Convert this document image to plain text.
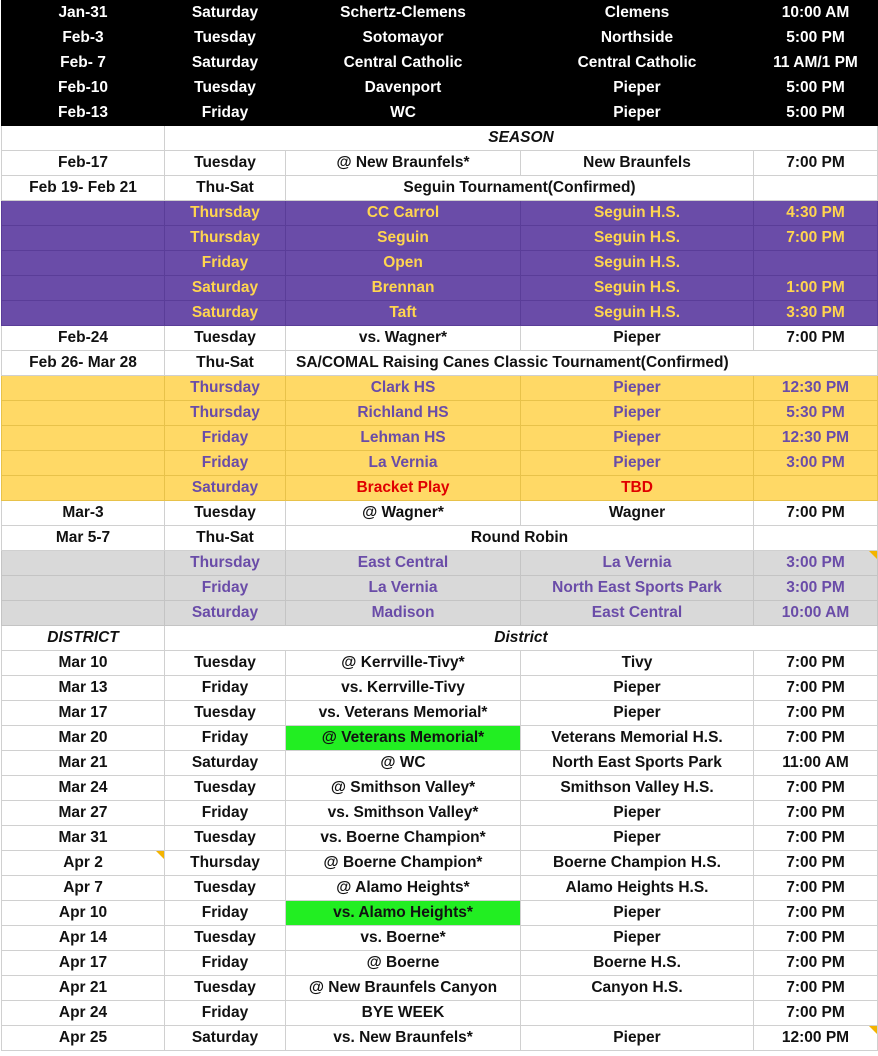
Jan-31	Saturday	Schertz-Clemens	Clemens	10:00 AM
Feb-3	Tuesday	Sotomayor	Northside	5:00 PM
Feb- 7	Saturday	Central Catholic	Central Catholic	11 AM/1 PM
Feb-10	Tuesday	Davenport	Pieper	5:00 PM
Feb-13	Friday	WC	Pieper	5:00 PM
	SEASON			
Feb-17	Tuesday	@ New Braunfels*	New Braunfels	7:00 PM
Feb 19- Feb 21	Thu-Sat	Seguin Tournament(Confirmed)		
	Thursday	CC Carrol	Seguin H.S.	4:30 PM
	Thursday	Seguin	Seguin H.S.	7:00 PM
	Friday	Open	Seguin H.S.	
	Saturday	Brennan	Seguin H.S.	1:00 PM
	Saturday	Taft	Seguin H.S.	3:30 PM
Feb-24	Tuesday	vs. Wagner*	Pieper	7:00 PM
Feb 26- Mar 28	Thu-Sat	SA/COMAL Raising Canes Classic Tournament(Confirmed)		
	Thursday	Clark HS	Pieper	12:30 PM
	Thursday	Richland HS	Pieper	5:30 PM
	Friday	Lehman HS	Pieper	12:30 PM
	Friday	La Vernia	Pieper	3:00 PM
	Saturday	Bracket Play	TBD	
Mar-3	Tuesday	@ Wagner*	Wagner	7:00 PM
Mar 5-7	Thu-Sat	Round Robin		
	Thursday	East Central	La Vernia	3:00 PM

	Friday	La Vernia	North East Sports Park	3:00 PM
	Saturday	Madison	East Central	10:00 AM
DISTRICT	District			
Mar 10	Tuesday	@ Kerrville-Tivy*	Tivy	7:00 PM
Mar 13	Friday	vs. Kerrville-Tivy	Pieper	7:00 PM
Mar 17	Tuesday	vs. Veterans Memorial*	Pieper	7:00 PM
Mar 20	Friday	@ Veterans Memorial*	Veterans Memorial H.S.	7:00 PM
Mar 21	Saturday	@ WC	North East Sports Park	11:00 AM
Mar 24	Tuesday	@ Smithson Valley*	Smithson Valley H.S.	7:00 PM
Mar 27	Friday	vs. Smithson Valley*	Pieper	7:00 PM
Mar 31	Tuesday	vs. Boerne Champion*	Pieper	7:00 PM
Apr 2	Thursday	@ Boerne Champion*	Boerne Champion H.S.	7:00 PM
Apr 7	Tuesday	@ Alamo Heights*	Alamo Heights H.S.	7:00 PM
Apr 10	Friday	vs. Alamo Heights*	Pieper	7:00 PM
Apr 14	Tuesday	vs. Boerne*	Pieper	7:00 PM
Apr 17	Friday	@ Boerne	Boerne H.S.	7:00 PM
Apr 21	Tuesday	@ New Braunfels Canyon	Canyon H.S.	7:00 PM
Apr 24	Friday	BYE WEEK		7:00 PM
Apr 25	Saturday	vs. New Braunfels*	Pieper	12:00 PM
